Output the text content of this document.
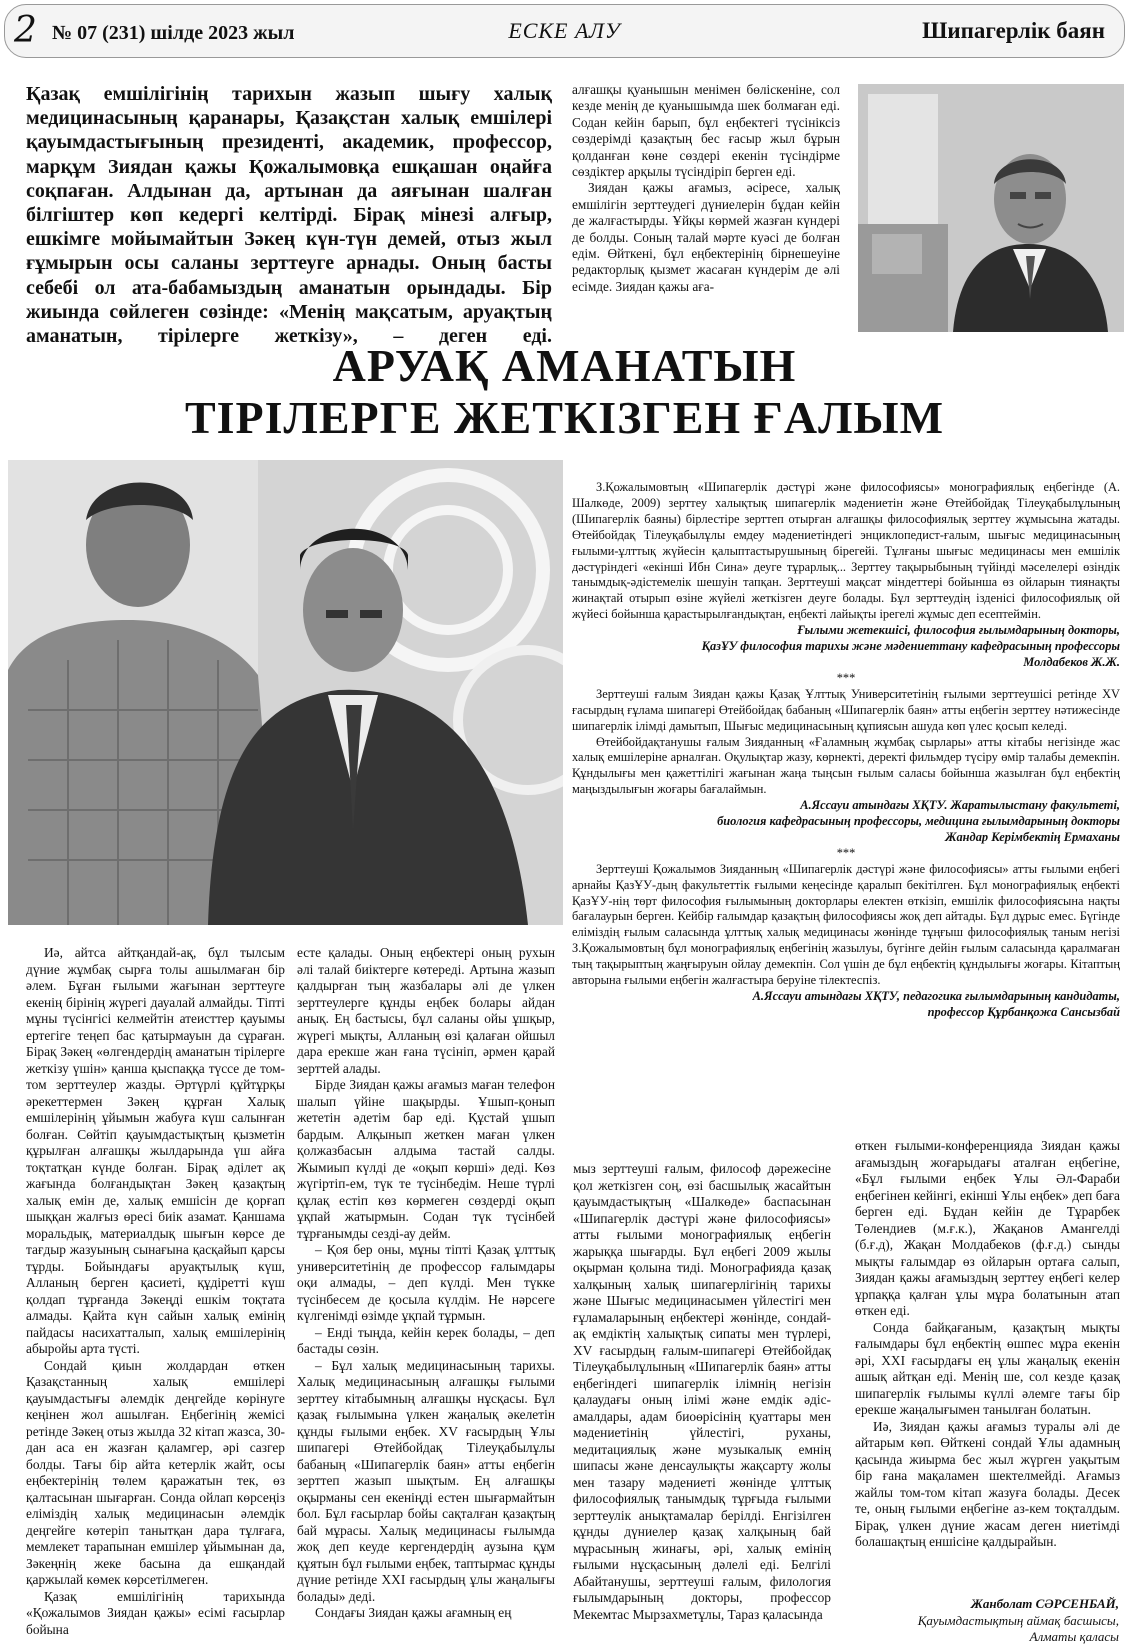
2 № 07 (231) шілде 2023 жыл	ЕСКЕ АЛУ	Шипагерлік баян
Қазақ емшілігінің тарихын жазып шығу халық медицинасының қаранары, Қазақстан халық емшілері қауымдастығының президенті, академик, профессор, марқұм Зиядан қажы Қожалымовқа ешқашан оңайға соқпаған. Алдынан да, артынан да аяғынан шалған білгіштер көп кедергі келтірді. Бірақ мінезі алғыр, ешкімге мойымайтын Зәкең күн-түн демей, отыз жыл ғұмырын осы саланы зерттеуге арнады. Оның басты себебі ол ата-бабамыздың аманатын орындады. Бір жиында сөйлеген сөзінде: «Менің мақсатым, аруақтың аманатын, тірілерге жеткізу», – деген еді.

алғашқы қуанышын менімен бөліскеніне, сол кезде менің де қуанышымда шек болмаған еді. Содан кейін барып, бұл еңбектегі түсініксіз сөздерімді қазақтың бес ғасыр жыл бұрын қолданған көне сөздері екенін түсіндірме сөздіктер арқылы түсіндіріп берген еді.

Зиядан қажы ағамыз, әсіресе, халық емшілігін зерттеудегі дүниелерін бұдан кейін де жалғастырды. Ұйқы көрмей жазған күндері де болды. Соның талай мәрте куәсі де болған едім. Өйткені, бұл еңбектерінің бірнешеуіне редакторлық қызмет жасаған күндерім де әлі есімде. Зиядан қажы аға-

АРУАҚ АМАНАТЫН
ТІРІЛЕРГЕ ЖЕТКІЗГЕН ҒАЛЫМ

З.Қожалымовтың «Шипагерлік дәстүрі және философиясы» монографиялық еңбегінде (А. Шалкөде, 2009) зерттеу халықтық шипагерлік мәдениетін және Өтейбойдақ Тілеуқабылұлының (Шипагерлік баяны) бірлестіре зерттеп отырған алғашқы философиялық зерттеу жұмысына жатады. Өтейбойдақ Тілеуқабылұлы емдеу мәдениетіндегі энциклопедист-ғалым, шығыс медицинасының ғылыми-ұлттық жүйесін қалыптастырушының бірегейі. Тұлғаны шығыс медицинасы мен емшілік дәстүріндегі «екінші Ибн Сина» деуге тұрарлық... Зерттеу тақырыбының түйінді мәселелері өзіндік танымдық-әдістемелік шешуін тапқан. Зерттеуші мақсат міндеттері бойынша өз ойларын тиянақты жинақтай отырып өзіне жүйелі жеткізген деуге болады. Бұл зерттеудің іздeнісі философиялық ой жүйесі бойынша қарастырылғандықтан, еңбекті лайықты ірегелі жұмыс деп есептеймін.

Ғылыми жетекшісі, философия ғылымдарының докторы,

ҚазҰУ философия тарихы және мәдениеттану кафедрасының профессоры

Молдабеков Ж.Ж.

***

Зерттеуші ғалым Зиядан қажы Қазақ Ұлттық Университетінің ғылыми зерттеушісі ретінде XV ғасырдың ғұлама шипагері Өтейбойдақ бабаның «Шипагерлік баян» атты еңбегін зерттеу нәтижесінде шипагерлік ілімді дамытып, Шығыс медицинасының құпиясын ашуда көп үлес қосып келеді.

Өтейбойдақтанушы ғалым Зияданның «Ғаламның жұмбақ сырлары» атты кітабы негізінде жас халық емшілеріне арналған. Оқулықтар жазу, көрнекті, деректі фильмдер түсіру өмір талабы демекпін. Құндылығы мен қажеттілігі жағынан жаңа тыңсын ғылым саласы бойынша жазылған бұл еңбектің маңыздылығын жоғары бағалаймын.

А.Яссауи атындағы ХҚТУ. Жаратылыстану факультеті,

биология кафедрасының профессоры, медицина ғылымдарының докторы

Жандар Керімбектің Ермаханы

***

Зерттеуші Қожалымов Зияданның «Шипагерлік дәстүрі және философиясы» атты ғылыми еңбегі арнайы ҚазҰУ-дың факультеттік ғылыми кеңесінде қаралып бекітілген. Бұл монографиялық еңбекті ҚазҰУ-нің төрт философия ғылымының докторлары електен өткізіп, емшілік философиясына нақты бағалаурын берген. Кейбір ғалымдар қазақтың философиясы жоқ деп айтады. Бұл дұрыс емес. Бүгінде еліміздің ғылым саласында ұлттық халық медицинасы жөнінде тұңғыш философиялық таным негізі З.Қожалымовтың бұл монографиялық еңбегінің жазылуы, бүгінге дейін ғылым саласында қаралмаған тың тақырыптың жаңғыруын ойлау демекпін. Сол үшін де бұл еңбектің құндылығы жоғары. Кітаптың авторына ғылыми еңбегін жалғастыра беруіне тілектеспіз.

А.Яссауи атындағы ХҚТУ, педагогика ғылымдарының кандидаты,

профессор Құрбанқожа Сансызбай

Иә, айтса айтқандай-ақ, бұл тылсым дүние жұмбақ сырға толы ашылмаған бір әлем. Бұған ғылыми жағынан зерттеуге екенің бірінің жүрегі дауалай алмайды. Тіпті мұны түсінгісі келмейтін атеисттер қауымы ертегіге теңеп бас қатырмауын да сұраған. Бірақ Зәкең «өлгендердің аманатын тірілерге жеткізу үшін» қанша қыспаққа түссе де том-том зерттеулер жазды. Әртүрлі құйтұрқы әрекеттермен Зәкең құрған Халық емшілерінің ұйымын жабуға күш салынған болған. Сөйтіп қауымдастықтың қызметін құрылған алғашқы жылдарында үш айға тоқтатқан күнде болған. Бірақ әділет ақ жағында болғандықтан Зәкең қазақтың халық емін де, халық емшісін де қорғап шыққан жалғыз өресі биік азамат. Қаншама моральдық, материалдық шығын көрсе де тағдыр жазуының сынағына қасқайып қарсы тұрды. Бойындағы аруақтылық күш, Алланың берген қасиеті, құдіретті күш қолдап тұрғанда Зәкеңді ешкім тоқтата алмады. Қайта күн сайын халық емінің пайдасы насихатталып, халық емшілерінің абыройы арта түсті.

Сондай қиын жолдардан өткен Қазақстанның халық емшілері қауымдастығы әлемдік деңгейде көрінуге кеңінен жол ашылған. Еңбегінің жемісі ретінде Зәкең отыз жылда 32 кітап жазса, 30-дан аса ен жазған қаламгер, әрі сазгер болды. Тағы бір айта кетерлік жайт, осы еңбектерінің төлем қаражатын тек, өз қалтасынан шығарған. Сонда ойлап көрсеңіз еліміздің халық медицинасын әлемдік деңгейге көтеріп танытқан дара тұлғаға, мемлекет тарапынан емшілер ұйымынан да, Зәкеңнің жеке басына да ешқандай қаржылай көмек көрсетілмеген.

Қазақ емшілігінің тарихында «Қожалымов Зиядан қажы» есімі ғасырлар бойына

есте қалады. Оның еңбектері оның рухын әлі талай биіктерге көтереді. Артына жазып қалдырған тың жазбалары әлі де үлкен зерттеулерге құнды еңбек болары айдан анық. Ең бастысы, бұл саланы ойы ұшқыр, жүрегі мықты, Алланың өзі қалаған ойшыл дара ерекше жан ғана түсініп, әрмен қарай зерттей алады.

Бірде Зиядан қажы ағамыз маған телефон шалып үйіне шақырды. Ұшып-қонып жететін әдетім бар еді. Құстай ұшып бардым. Алқынып жеткен маған үлкен қолжазбасын алдыма тастай салды. Жымиып күлді де «оқып көрші» деді. Көз жүгіртіп-ем, түк те түсінбедім. Неше түрлі құлақ естіп көз көрмеген сөздерді оқып ұқпай жатырмын. Содан түк түсінбей тұрғанымды сезді-ау дейм.

– Қоя бер оны, мұны тіпті Қазақ ұлттық университетінің де профессор ғалымдары оқи алмады, – деп күлді. Мен түкке түсінбесем де қосыла күлдім. Не нәрсеге күлгенімді өзімде ұқпай тұрмын.

– Енді тыңда, кейін керек болады, – деп бастады сөзін.

– Бұл халық медицинасының тарихы. Халық медицинасының алғашқы ғылыми зерттеу кітабымның алғашқы нұсқасы. Бұл қазақ ғылымына үлкен жаңалық әкелетін құнды ғылыми еңбек. XV ғасырдың Ұлы шипагері Өтейбойдақ Тілеуқабылұлы бабаның «Шипагерлік баян» атты еңбегін зерттеп жазып шықтым. Ең алғашқы оқырманы сен екеніңді естен шығармайтын бол. Бұл ғасырлар бойы сақталған қазақтың бай мұрасы. Халық медицинасы ғылымда жоқ деп кеуде кергендердің аузына құм құятын бұл ғылыми еңбек, таптырмас құнды дүние ретінде XXI ғасырдың ұлы жаңалығы болады» деді.

Сондағы Зиядан қажы ағамның ең

мыз зерттеуші ғалым, философ дәрежесіне қол жеткізген соң, өзі басшылық жасайтын қауымдастықтың «Шалкөде» баспасынан «Шипагерлік дәстүрі және философиясы» атты ғылыми монографиялық еңбегін жарыққа шығарды. Бұл еңбегі 2009 жылы оқырман қолына тиді. Монографияда қазақ халқының халық шипагерлігінің тарихы және Шығыс медицинасымен үйлестігі мен ғұламаларының еңбектері жөнінде, сондай-ақ емдіктің халықтық сипаты мен түрлері, XV ғасырдың ғалым-шипагері Өтейбойдақ Тілеуқабылұлының «Шипагерлік баян» атты еңбегіндегі шипагерлік ілімнің негізін қалаудағы оның ілімі және емдік әдіс-амалдары, адам биоөрісінің қуаттары мен мәдениетінің үйлестігі, руханы, медитациялық және музыкалық емнің шипасы және денсаулықты жақсарту жолы мен тазару мәдениеті жөнінде ұлттық философиялық танымдық тұрғыда ғылыми зерттеулік анықтамалар берілді. Енгізілген құнды дүниелер қазақ халқының бай мұрасының жинағы, әрі, халық емінің ғылыми нұсқасының дәлелі еді. Белгілі Абайтанушы, зерттеуші ғалым, филология ғылымдарының докторы, профессор Мекемтас Мырзахметұлы, Тараз қаласында

өткен ғылыми-конференцияда Зиядан қажы ағамыздың жоғарыдағы аталған еңбегіне, «Бұл ғылыми еңбек Ұлы Әл-Фараби еңбегінен кейінгі, екінші Ұлы еңбек» деп баға берген еді. Бұдан кейін де Тұрарбек Төлендиев (м.ғ.к.), Жақанов Амангелді (б.ғ.д), Жақан Молдабеков (ф.ғ.д.) сынды мықты ғалымдар өз ойларын ортаға салып, Зиядан қажы ағамыздың зерттеу еңбегі келер ұрпаққа қалған ұлы мұра болатынын атап өткен еді.

Сонда байқағаным, қазақтың мықты ғалымдары бұл еңбектің өшпес мұра екенін әрі, XXI ғасырдағы ең ұлы жаңалық екенін ашық айтқан еді. Менің ше, сол кезде қазақ шипагерлік ғылымы күллі әлемге тағы бір ерекше жаңалығымен танылған болатын.

Иә, Зиядан қажы ағамыз туралы әлі де айтарым көп. Өйткені сондай Ұлы адамның қасында жиырма бес жыл жүрген уақытым бір ғана мақаламен шектелмейді. Ағамыз жайлы том-том кітап жазуға болады. Десек те, оның ғылыми еңбегіне аз-кем тоқталдым. Бірақ, үлкен дүние жасам деген ниетімді болашақтың еншісіне қалдырайын.

Жанболат СӘРСЕНБАЙ,
Қауымдастықтың аймақ басшысы,
Алматы қаласы
